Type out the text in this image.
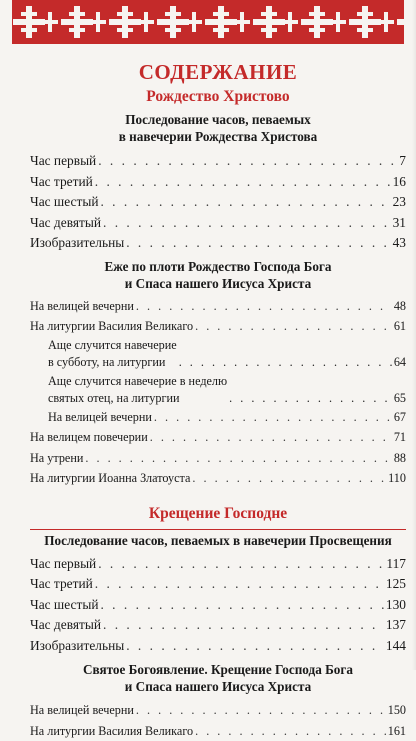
СОДЕРЖАНИЕ
Рождество Христово
Последование часов, певаемых
в навечерии Рождества Христова
Час первый . . .	7
Час третий . . .	16
Час шестый . . .	23
Час девятый . . .	31
Изобразительны . . .	43
Еже по плоти Рождество Господа Бога
и Спаса нашего Иисуса Христа
На велицей вечерни . . .	48
На литургии Василия Великаго . . .	61
Аще случится навечерие
в субботу, на литургии . . .	64
Аще случится навечерие в неделю
святых отец, на литургии . . .	65
На велицей вечерни . . .	67
На велицем повечерии . . .	71
На утрени . . .	88
На литургии Иоанна Златоуста . . .	110
Крещение Господне
Последование часов, певаемых в навечерии Просвещения
Час первый . . .	117
Час третий . . .	125
Час шестый . . .	130
Час девятый . . .	137
Изобразительны . . .	144
Святое Богоявление. Крещение Господа Бога
и Спаса нашего Иисуса Христа
На велицей вечерни . . .	150
На литургии Василия Великаго . . .	161
